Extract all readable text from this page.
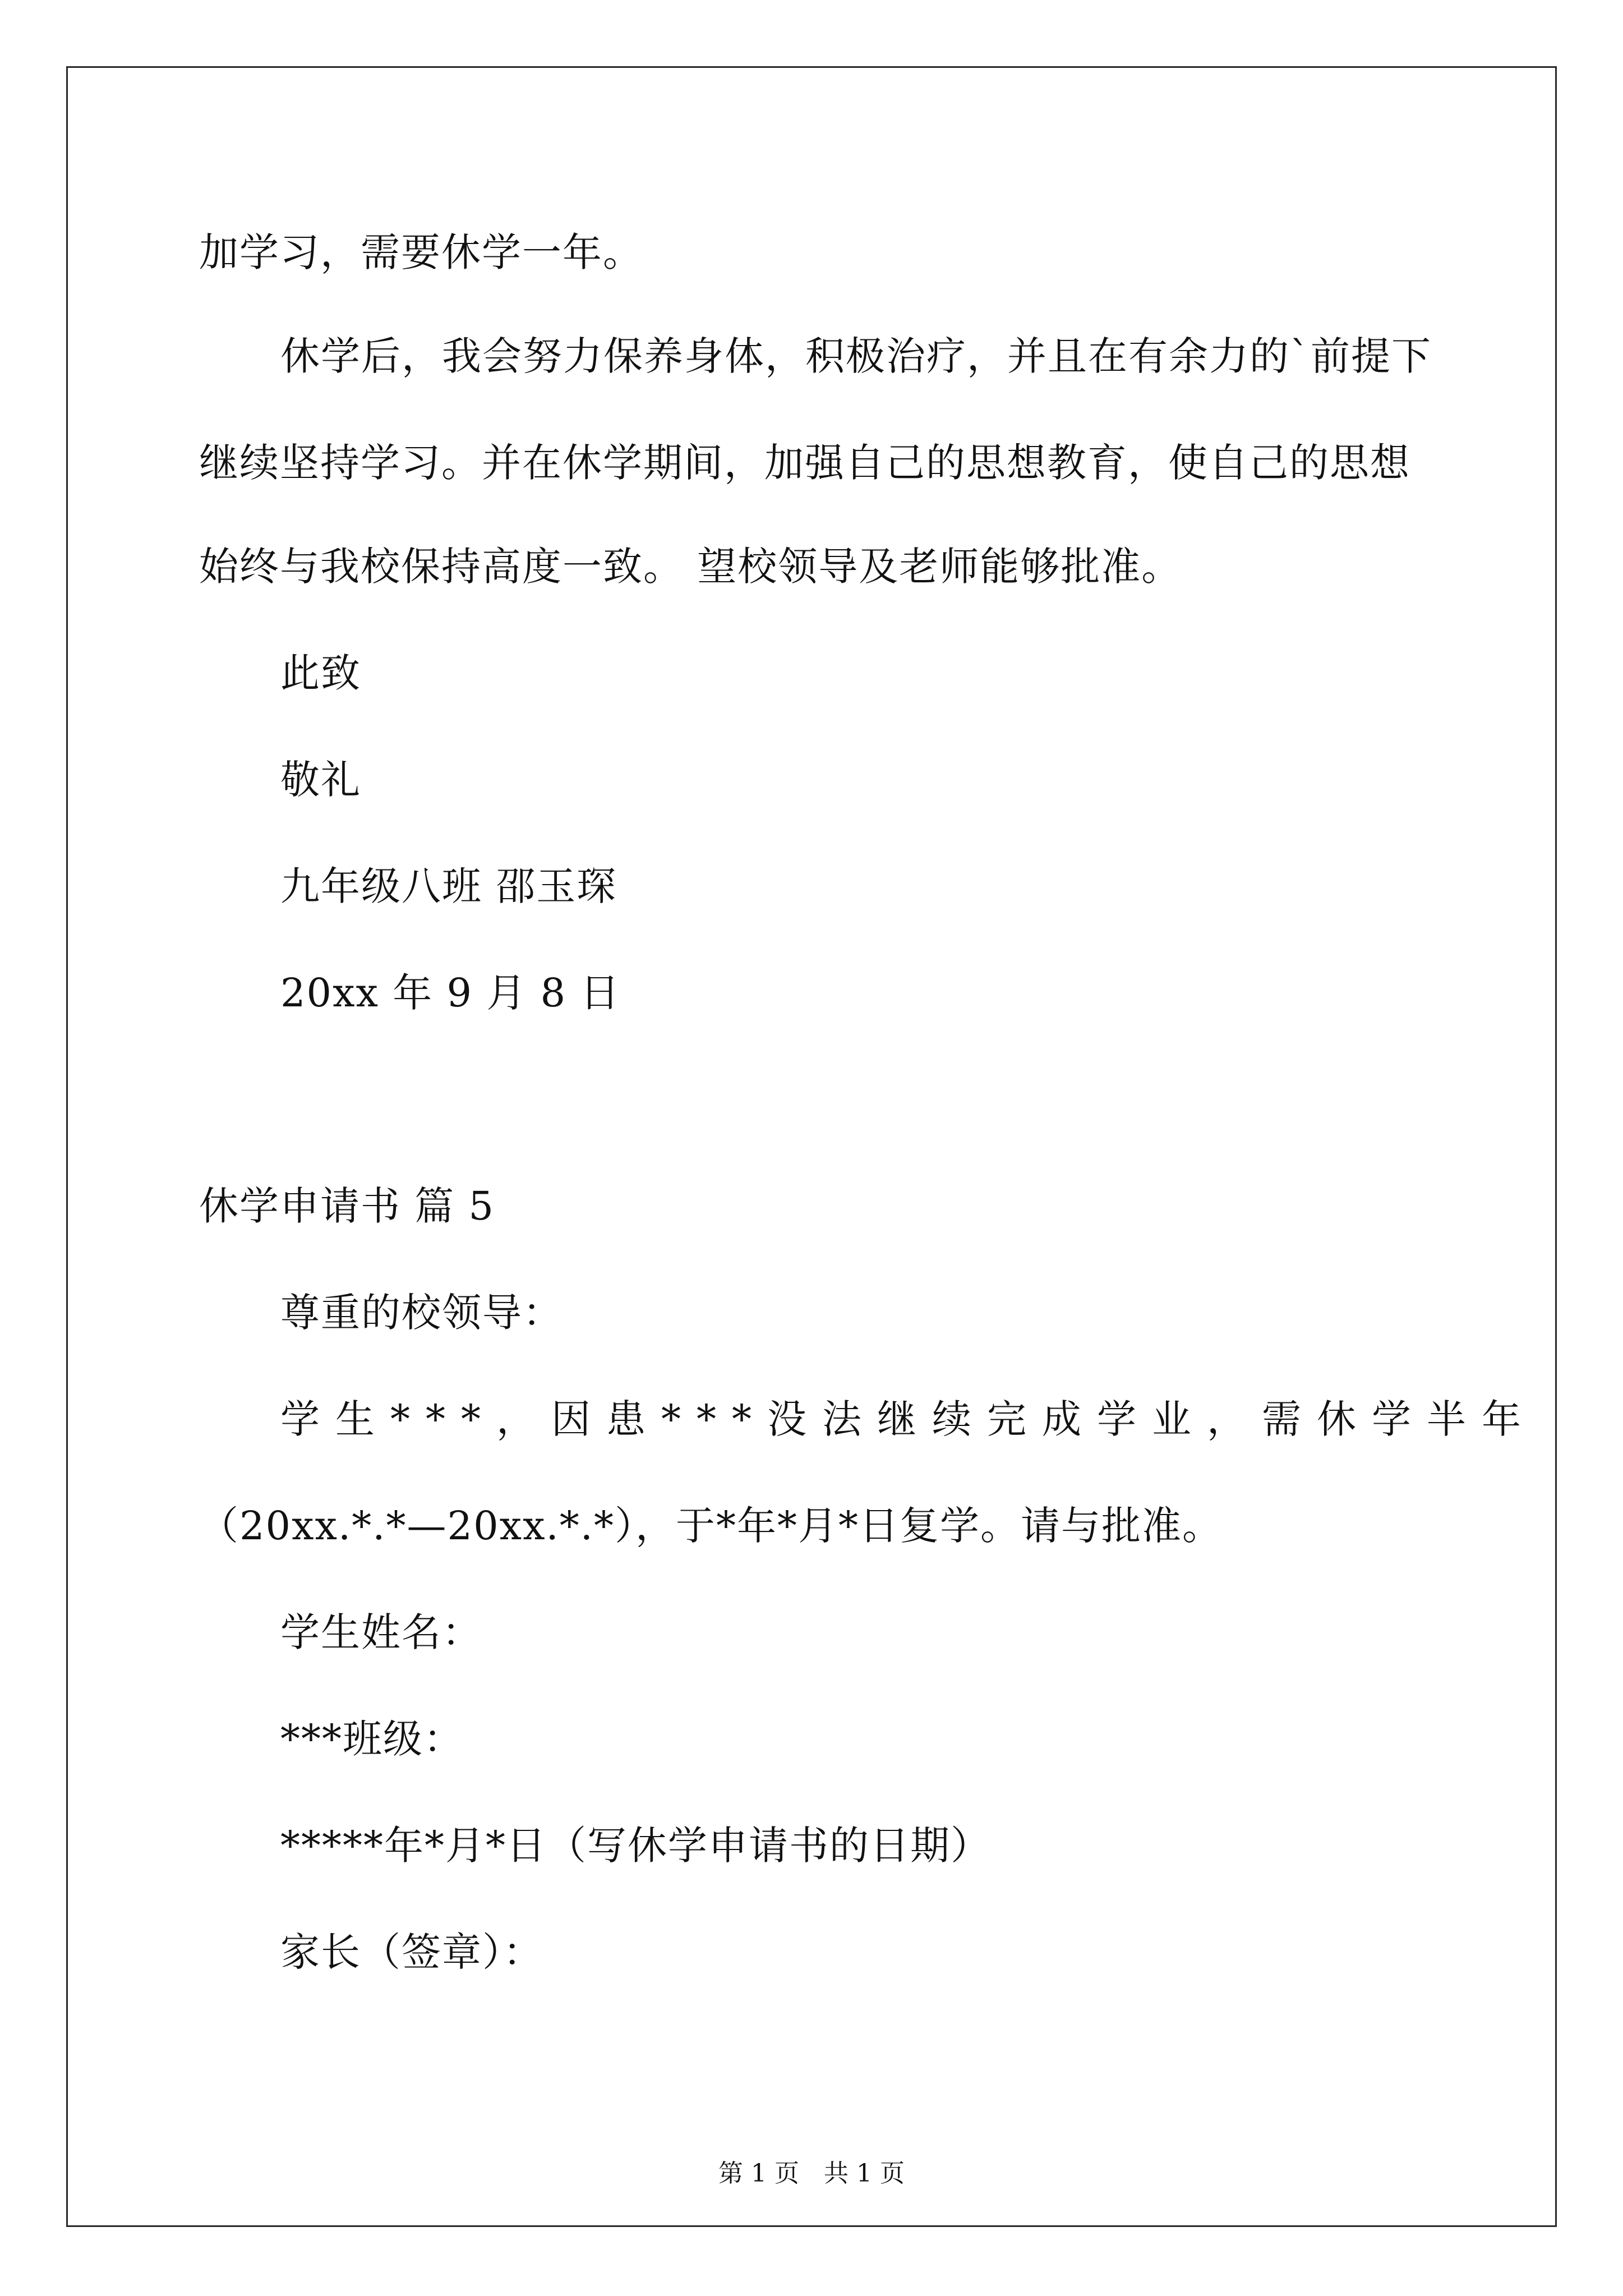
加学习，需要休学一年。
休学后，我会努力保养身体，积极治疗，并且在有余力的`前提下
继续坚持学习。并在休学期间，加强自己的思想教育，使自己的思想
始终与我校保持高度一致。 望校领导及老师能够批准。
此致
敬礼
九年级八班 邵玉琛
20xx 年 9 月 8 日
休学申请书 篇 5
尊重的校领导：
学生***，因患***没法继续完成学业，需休学半年
（20xx.*.*—20xx.*.*），于*年*月*日复学。请与批准。
学生姓名：
***班级：
*****年*月*日（写休学申请书的日期）
家长（签章）：
第 1 页 共 1 页
